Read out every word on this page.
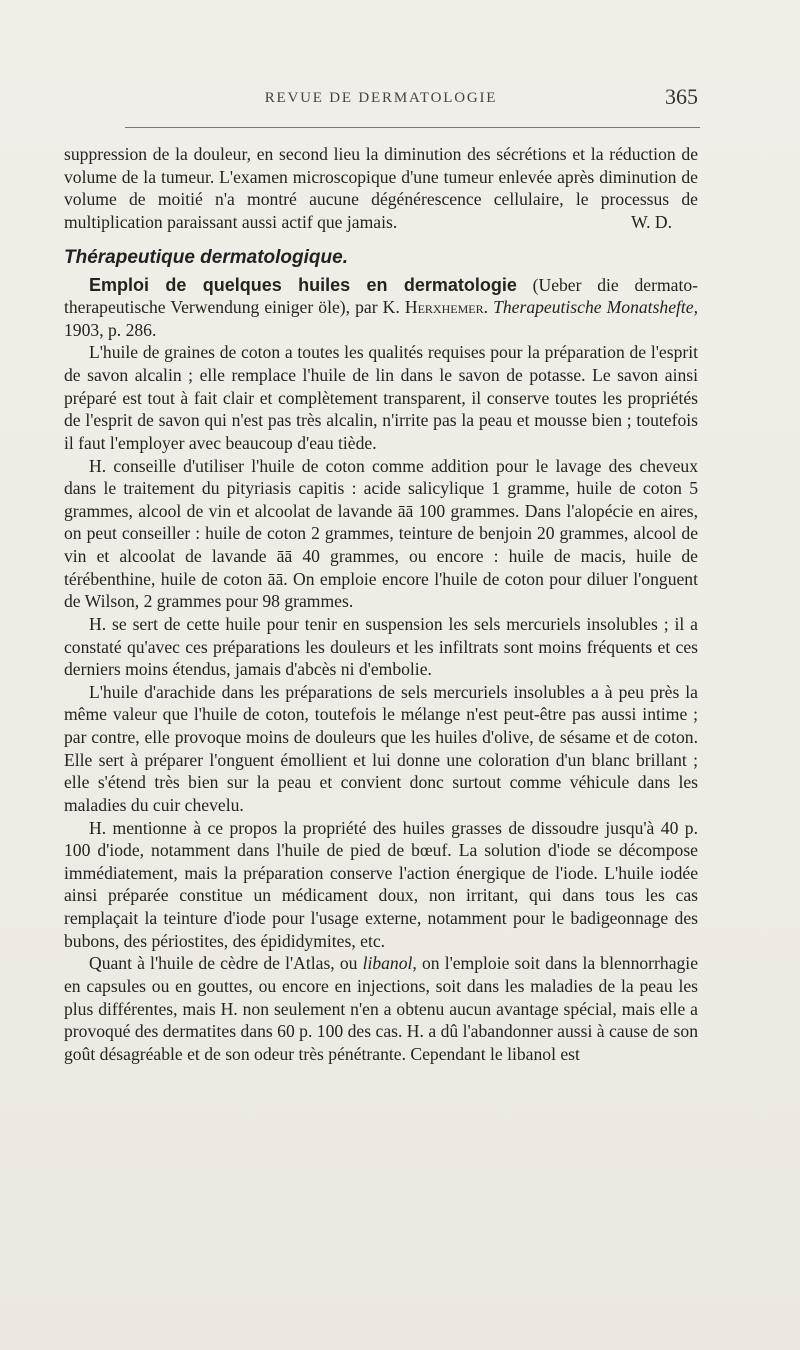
REVUE DE DERMATOLOGIE	365

suppression de la douleur, en second lieu la diminution des sécrétions et la réduction de volume de la tumeur. L'examen microscopique d'une tumeur enlevée après diminution de volume de moitié n'a montré aucune dégénérescence cellulaire, le processus de multiplication paraissant aussi actif que jamais.	W. D.

Thérapeutique dermatologique.

Emploi de quelques huiles en dermatologie (Ueber die dermato-therapeutische Verwendung einiger öle), par K. Herxhemer. Therapeutische Monatshefte, 1903, p. 286.

L'huile de graines de coton a toutes les qualités requises pour la préparation de l'esprit de savon alcalin ; elle remplace l'huile de lin dans le savon de potasse. Le savon ainsi préparé est tout à fait clair et complètement transparent, il conserve toutes les propriétés de l'esprit de savon qui n'est pas très alcalin, n'irrite pas la peau et mousse bien ; toutefois il faut l'employer avec beaucoup d'eau tiède.

H. conseille d'utiliser l'huile de coton comme addition pour le lavage des cheveux dans le traitement du pityriasis capitis : acide salicylique 1 gramme, huile de coton 5 grammes, alcool de vin et alcoolat de lavande āā 100 grammes. Dans l'alopécie en aires, on peut conseiller : huile de coton 2 grammes, teinture de benjoin 20 grammes, alcool de vin et alcoolat de lavande āā 40 grammes, ou encore : huile de macis, huile de térébenthine, huile de coton āā. On emploie encore l'huile de coton pour diluer l'onguent de Wilson, 2 grammes pour 98 grammes.

H. se sert de cette huile pour tenir en suspension les sels mercuriels insolubles ; il a constaté qu'avec ces préparations les douleurs et les infiltrats sont moins fréquents et ces derniers moins étendus, jamais d'abcès ni d'embolie.

L'huile d'arachide dans les préparations de sels mercuriels insolubles a à peu près la même valeur que l'huile de coton, toutefois le mélange n'est peut-être pas aussi intime ; par contre, elle provoque moins de douleurs que les huiles d'olive, de sésame et de coton. Elle sert à préparer l'onguent émollient et lui donne une coloration d'un blanc brillant ; elle s'étend très bien sur la peau et convient donc surtout comme véhicule dans les maladies du cuir chevelu.

H. mentionne à ce propos la propriété des huiles grasses de dissoudre jusqu'à 40 p. 100 d'iode, notamment dans l'huile de pied de bœuf. La solution d'iode se décompose immédiatement, mais la préparation conserve l'action énergique de l'iode. L'huile iodée ainsi préparée constitue un médicament doux, non irritant, qui dans tous les cas remplaçait la teinture d'iode pour l'usage externe, notamment pour le badigeonnage des bubons, des périostites, des épididymites, etc.

Quant à l'huile de cèdre de l'Atlas, ou libanol, on l'emploie soit dans la blennorrhagie en capsules ou en gouttes, ou encore en injections, soit dans les maladies de la peau les plus différentes, mais H. non seulement n'en a obtenu aucun avantage spécial, mais elle a provoqué des dermatites dans 60 p. 100 des cas. H. a dû l'abandonner aussi à cause de son goût désagréable et de son odeur très pénétrante. Cependant le libanol est
